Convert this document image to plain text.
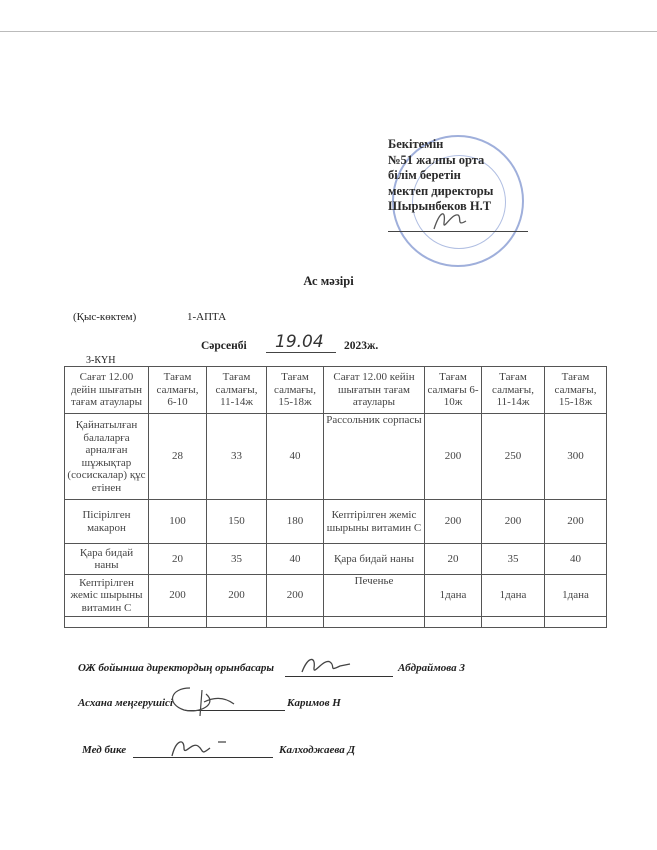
Бекітемін
№51 жалпы орта
білім беретін
мектеп директоры
Шырынбеков Н.Т
Ас мәзірі
(Қыс-көктем)	1-АПТА
Сәрсенбі 19.04 2023ж.
3-КҮН
Сағат 12.00 дейін шығатын тағам атаулары	Тағам салмағы, 6-10	Тағам салмағы, 11-14ж	Тағам салмағы, 15-18ж	Сағат 12.00 кейін шығатын тағам атаулары	Тағам салмағы 6-10ж	Тағам салмағы, 11-14ж	Тағам салмағы, 15-18ж
Қайнатылған балаларға арналған шұжықтар (сосискалар) құс етінен	28	33	40	Рассольник сорпасы	200	250	300
Пісірілген макарон	100	150	180	Кептірілген жеміс шырыны витамин С	200	200	200
Қара бидай наны	20	35	40	Қара бидай наны	20	35	40
Кептірілген жеміс шырыны витамин С	200	200	200	Печенье	1дана	1дана	1дана

ОЖ бойынша директордың орынбасары	Абдраймова З
Асхана меңгерушісі	Каримов Н
Мед бике	Калходжаева Д
